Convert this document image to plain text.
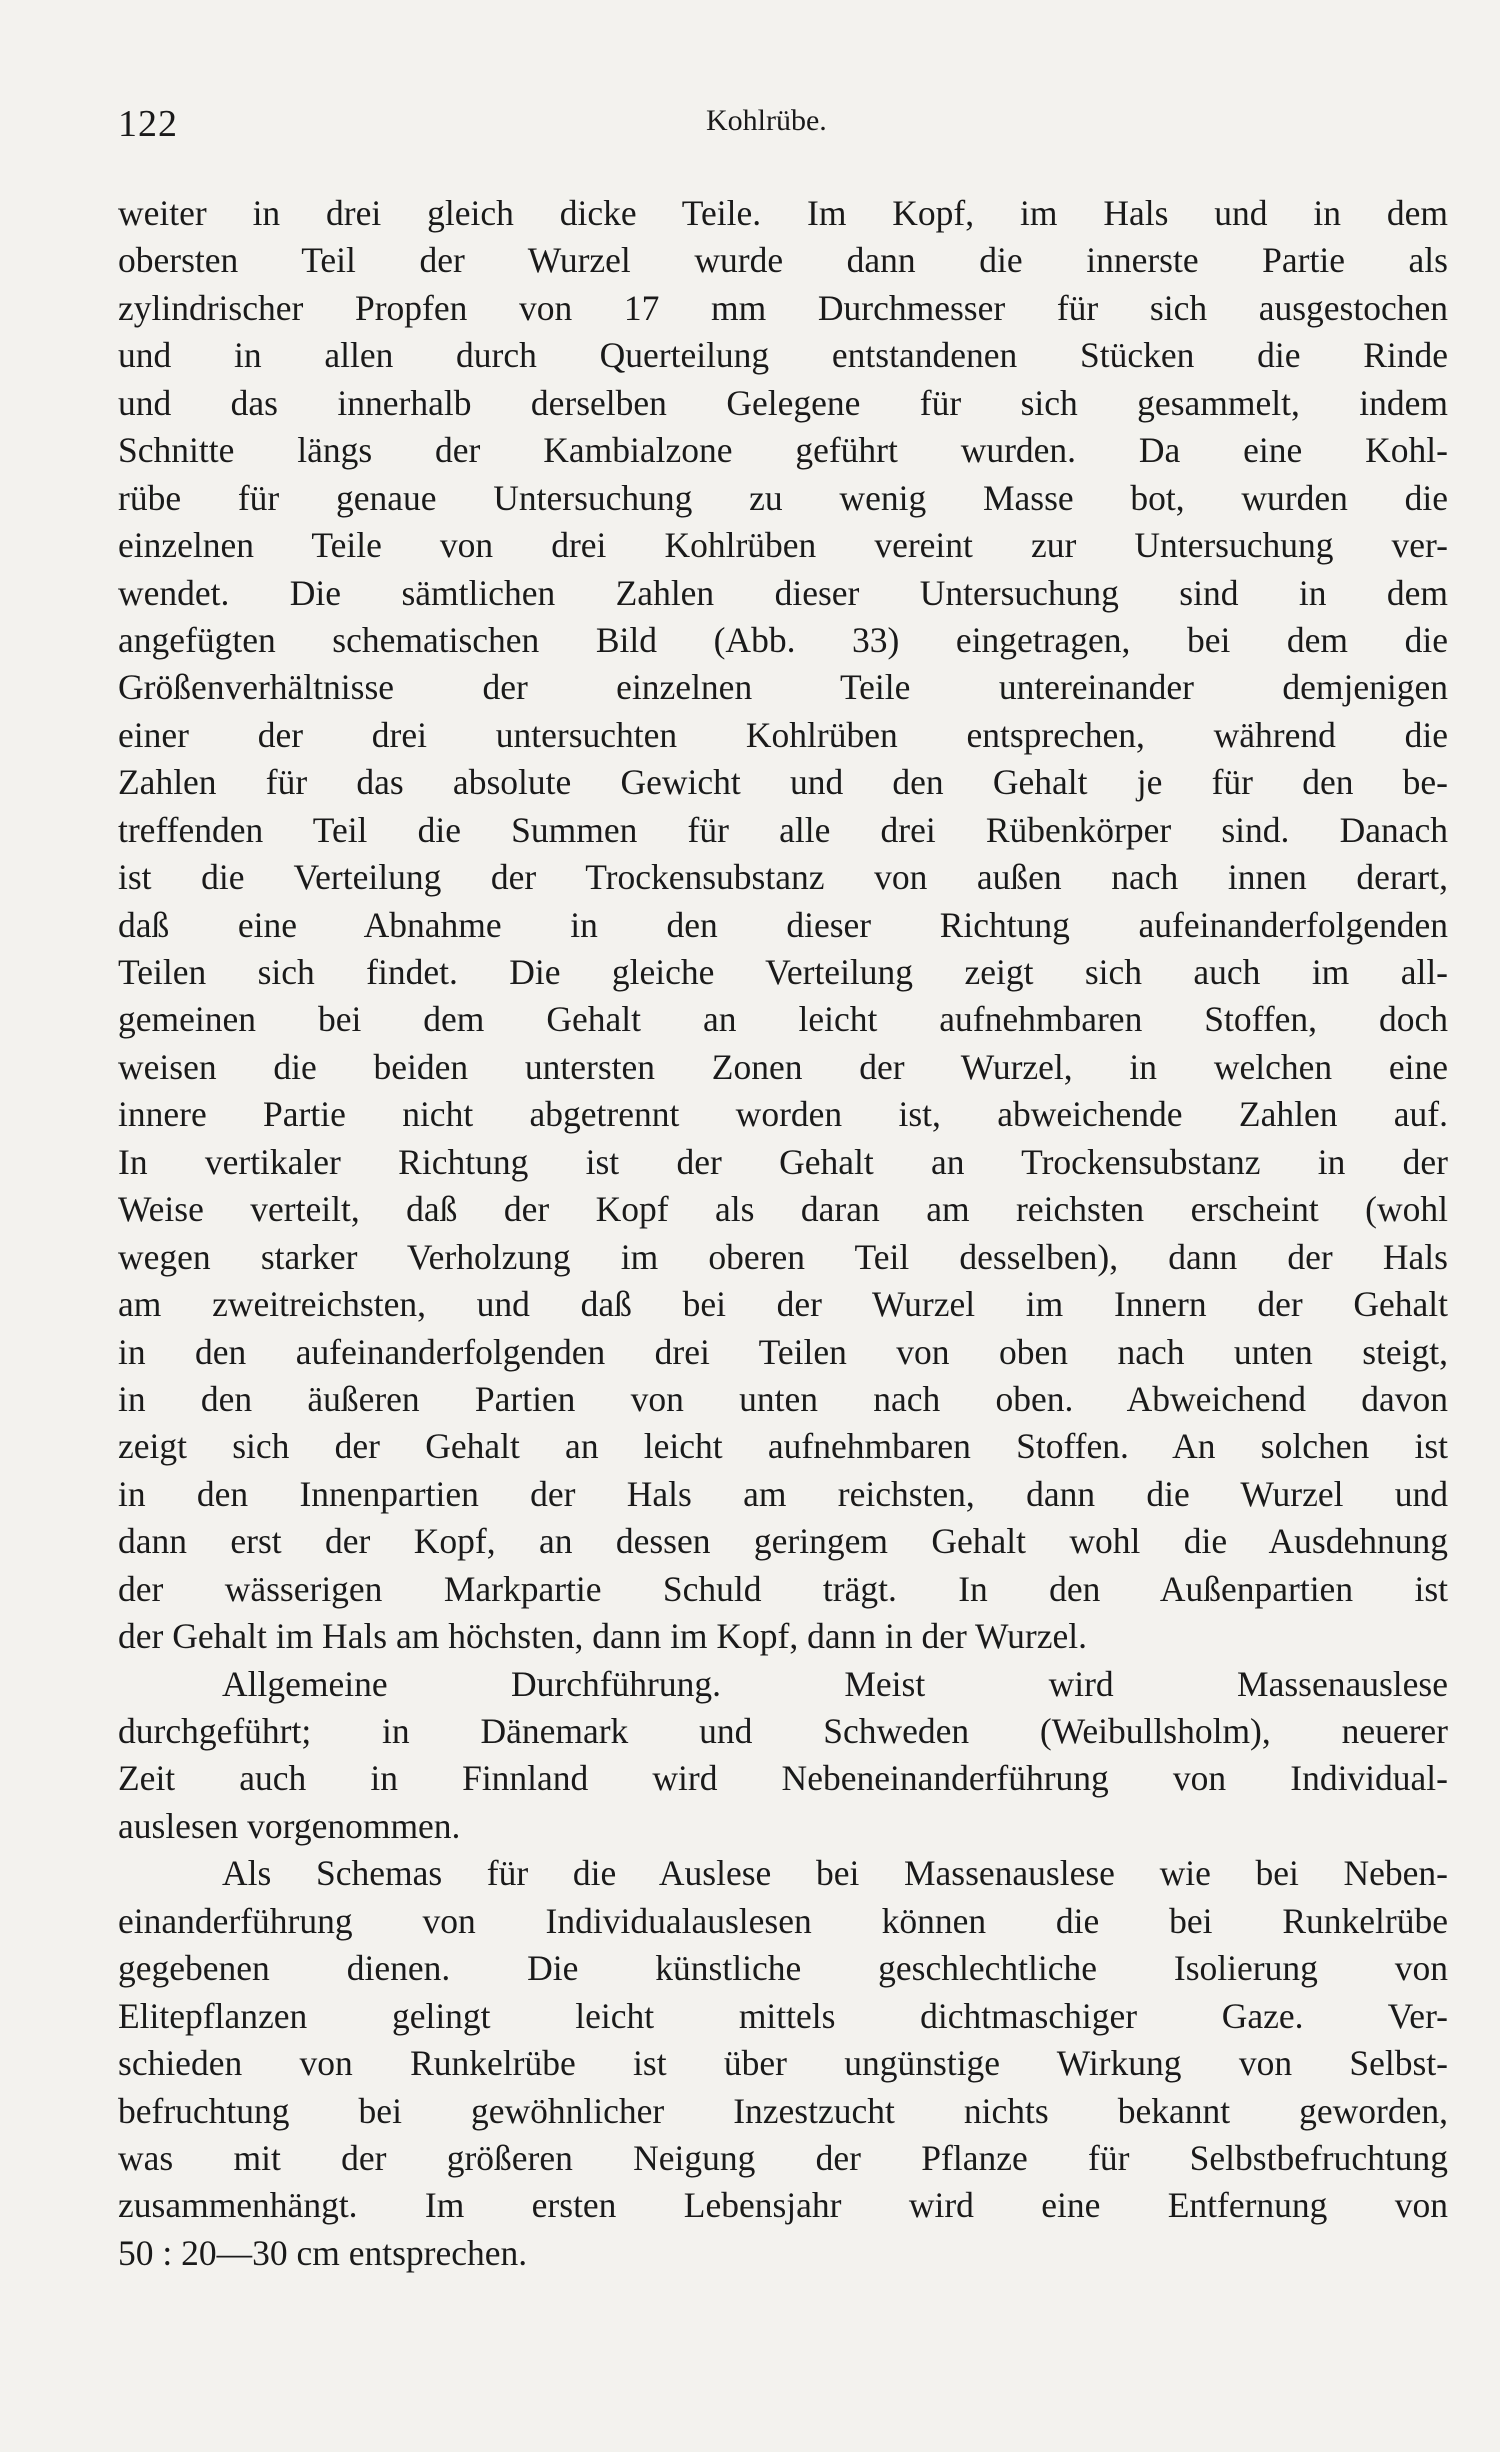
122	Kohlrübe.
weiter in drei gleich dicke Teile. Im Kopf, im Hals und in dem
obersten Teil der Wurzel wurde dann die innerste Partie als
zylindrischer Propfen von 17 mm Durchmesser für sich ausgestochen
und in allen durch Querteilung entstandenen Stücken die Rinde
und das innerhalb derselben Gelegene für sich gesammelt, indem
Schnitte längs der Kambialzone geführt wurden. Da eine Kohl-
rübe für genaue Untersuchung zu wenig Masse bot, wurden die
einzelnen Teile von drei Kohlrüben vereint zur Untersuchung ver-
wendet. Die sämtlichen Zahlen dieser Untersuchung sind in dem
angefügten schematischen Bild (Abb. 33) eingetragen, bei dem die
Größenverhältnisse der einzelnen Teile untereinander demjenigen
einer der drei untersuchten Kohlrüben entsprechen, während die
Zahlen für das absolute Gewicht und den Gehalt je für den be-
treffenden Teil die Summen für alle drei Rübenkörper sind. Danach
ist die Verteilung der Trockensubstanz von außen nach innen derart,
daß eine Abnahme in den dieser Richtung aufeinanderfolgenden
Teilen sich findet. Die gleiche Verteilung zeigt sich auch im all-
gemeinen bei dem Gehalt an leicht aufnehmbaren Stoffen, doch
weisen die beiden untersten Zonen der Wurzel, in welchen eine
innere Partie nicht abgetrennt worden ist, abweichende Zahlen auf.
In vertikaler Richtung ist der Gehalt an Trockensubstanz in der
Weise verteilt, daß der Kopf als daran am reichsten erscheint (wohl
wegen starker Verholzung im oberen Teil desselben), dann der Hals
am zweitreichsten, und daß bei der Wurzel im Innern der Gehalt
in den aufeinanderfolgenden drei Teilen von oben nach unten steigt,
in den äußeren Partien von unten nach oben. Abweichend davon
zeigt sich der Gehalt an leicht aufnehmbaren Stoffen. An solchen ist
in den Innenpartien der Hals am reichsten, dann die Wurzel und
dann erst der Kopf, an dessen geringem Gehalt wohl die Ausdehnung
der wässerigen Markpartie Schuld trägt. In den Außenpartien ist
der Gehalt im Hals am höchsten, dann im Kopf, dann in der Wurzel.
Allgemeine Durchführung. Meist wird Massenauslese
durchgeführt; in Dänemark und Schweden (Weibullsholm), neuerer
Zeit auch in Finnland wird Nebeneinanderführung von Individual-
auslesen vorgenommen.
Als Schemas für die Auslese bei Massenauslese wie bei Neben-
einanderführung von Individualauslesen können die bei Runkelrübe
gegebenen dienen. Die künstliche geschlechtliche Isolierung von
Elitepflanzen gelingt leicht mittels dichtmaschiger Gaze. Ver-
schieden von Runkelrübe ist über ungünstige Wirkung von Selbst-
befruchtung bei gewöhnlicher Inzestzucht nichts bekannt geworden,
was mit der größeren Neigung der Pflanze für Selbstbefruchtung
zusammenhängt. Im ersten Lebensjahr wird eine Entfernung von
50 : 20—30 cm entsprechen.
